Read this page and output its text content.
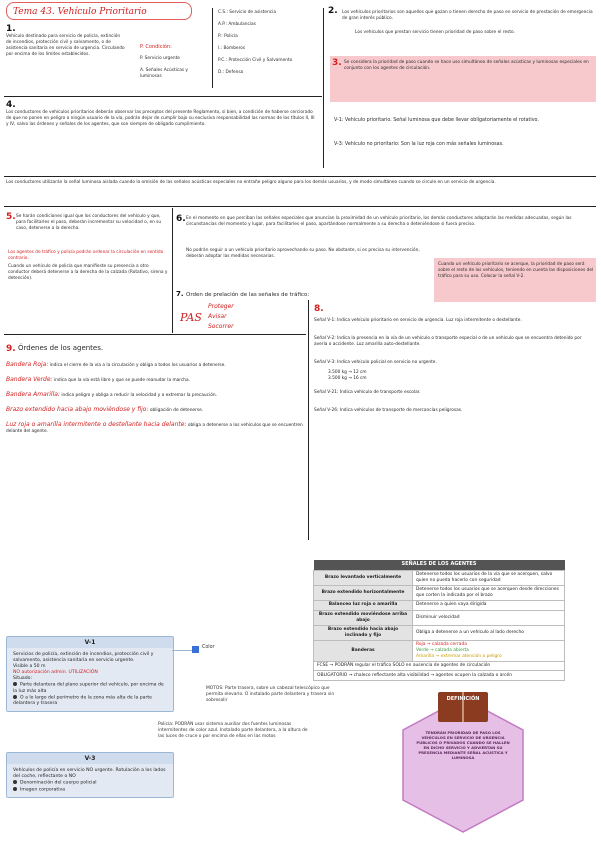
Tema 43. Vehículo Prioritario
1.
Vehículo destinado para servicio de policía, extinción de incendios, protección civil y salvamento, o de asistencia sanitaria en servicio de urgencia. Circulando por encima de los límites establecidos.
P. Condición:
P. Servicio urgente
A. Señales Acústicas y luminosas
C.S.: Servicio de asistencia
A.P.: Ambulancias
P.: Policía
I.: Bomberos
P.C.: Protección Civil y Salvamento
D.: Defensa
2. Los vehículos prioritarios son aquellos que gozan o tienen derecho de paso en servicio de prestación de emergencia de gran interés público.
Los vehículos que prestan servicio tienen prioridad de paso sobre el resto.
3. Se considera la prioridad de paso cuando se hace uso simultáneo de señales acústicas y luminosas especiales en conjunto con los agentes de circulación.
V-1: Vehículo prioritario. Señal luminosa que debe llevar obligatoriamente el rotativo.
V-3: Vehículo no prioritario: Son la luz roja con más señales luminosas.
4.
Los conductores de vehículos prioritarios deberán observar las preceptos del presente Reglamento, si bien, a condición de haberse cerciorado de que no ponen en peligro a ningún usuario de la vía, podrán dejar de cumplir bajo su exclusiva responsabilidad las normas de los títulos II, III y IV, salvo las órdenes y señales de los agentes, que son siempre de obligado cumplimiento.
Los conductores utilizarán la señal luminosa aislada cuando la omisión de las señales acústicas especiales no entrañe peligro alguno para los demás usuarios, y de modo simultáneo cuando se circule en un servicio de urgencia.
5. Se harán condiciones igual que los conductores del vehículo y que, para facilitarles el paso, deberán incrementar su velocidad o, en su caso, detenerse a la derecha.
Los agentes de tráfico y policía podrán ordenar la circulación en sentido contrario.
Cuando un vehículo de policía que manifieste su presencia a otro conductor deberá detenerse a la derecha de la calzada (Rotativo, sirena y detención).
6. En el momento en que perciban las señales especiales que anuncian la proximidad de un vehículo prioritario, los demás conductores adoptarán las medidas adecuadas, según las circunstancias del momento y lugar, para facilitarles el paso, apartándose normalmente a su derecha o deteniéndose si fuera preciso.
No podrán seguir a un vehículo prioritario aprovechando su paso. No obstante, si es precisa su intervención, deberán adoptar las medidas necesarias.
Cuando un vehículo prioritario se acerque, la prioridad de paso será sobre el resto de los vehículos, teniendo en cuenta las disposiciones del tráfico para su uso. Colocar la señal V-2.
7. Orden de prelación de las señales de tráfico:
PAS
Proteger
Avisar
Socorrer
9. Órdenes de los agentes.
Bandera Roja: indica el cierre de la vía a la circulación y obliga a todos los usuarios a detenerse.
Bandera Verde: indica que la vía está libre y que se puede reanudar la marcha.
Bandera Amarilla: indica peligro y obliga a reducir la velocidad y a extremar la precaución.
Brazo extendido hacia abajo moviéndose y fijo: obligación de detenerse.
Luz roja o amarilla intermitente o destellante hacia delante: obliga a detenerse a los vehículos que se encuentren delante del agente.
8.
Señal V-1: Indica vehículo prioritario en servicio de urgencia. Luz roja intermitente o destellante.
Señal V-2: Indica la presencia en la vía de un vehículo o transporte especial o de un vehículo que se encuentra detenido por avería o accidente. Luz amarilla auto-destellante.
Señal V-3: Indica vehículo policial en servicio no urgente.
3.500 kg → 12 cm
3.500 kg → 16 cm
Señal V-21: Indica vehículo de transporte escolar.
Señal V-26: Indica vehículos de transporte de mercancías peligrosas.
SEÑALES DE LOS AGENTES	
Brazo levantado verticalmente	Detenerse todos los usuarios de la vía que se acerquen, salvo quien no pueda hacerlo con seguridad
Brazo extendido horizontalmente	Detenerse todos los usuarios que se acerquen desde direcciones que corten la indicada por el brazo
Balanceo luz roja o amarilla	Detenerse a quien vaya dirigida
Brazo extendido moviéndose arriba abajo	Disminuir velocidad
Brazo extendido hacia abajo inclinado y fijo	Obliga a detenerse a un vehículo al lado derecho
Banderas	Roja → calzada cerrada
Verde → calzada abierta
Amarilla → extremar atención o peligro

FCSE → PODRÁN regular el tráfico SOLO en ausencia de agentes de circulación	
OBLIGATORIO → chaleco reflectante alta visibilidad → agentes ocupen la calzada o arcén	
V-1
Servicios de policía, extinción de incendios, protección civil y salvamento, asistencia sanitaria en servicio urgente.
Visible a 50 m
NO autorización admin. UTILIZACIÓN
Situado:
Parte delantera del plano superior del vehículo, por encima de la luz más alta
O a lo largo del perímetro de la zona más alta de la parte delantera y trasera
Color
MOTOS: Parte trasera, sobre un cabezal telescópico que permita elevarlo. O instalado parte delantera y trasera sin sobresalir
Policía: PODRÁN usar sistema auxiliar dos fuentes luminosas intermitentes de color azul. Instalado parte delantera, a la altura de las luces de cruce o por encima de ellas en las motos
V-3
Vehículos de policía en servicio NO urgente. Rotulación a los lados del coche, reflectante o NO
Denominación del cuerpo policial
Imagen corporativa
DEFINICIÓN
TENDRÁN PRIORIDAD DE PASO LOS VEHÍCULOS EN SERVICIO DE URGENCIA PÚBLICOS O PRIVADOS CUANDO SE HALLEN EN DICHO SERVICIO Y ADVIERTAN SU PRESENCIA MEDIANTE SEÑAL ACÚSTICA Y LUMINOSA
